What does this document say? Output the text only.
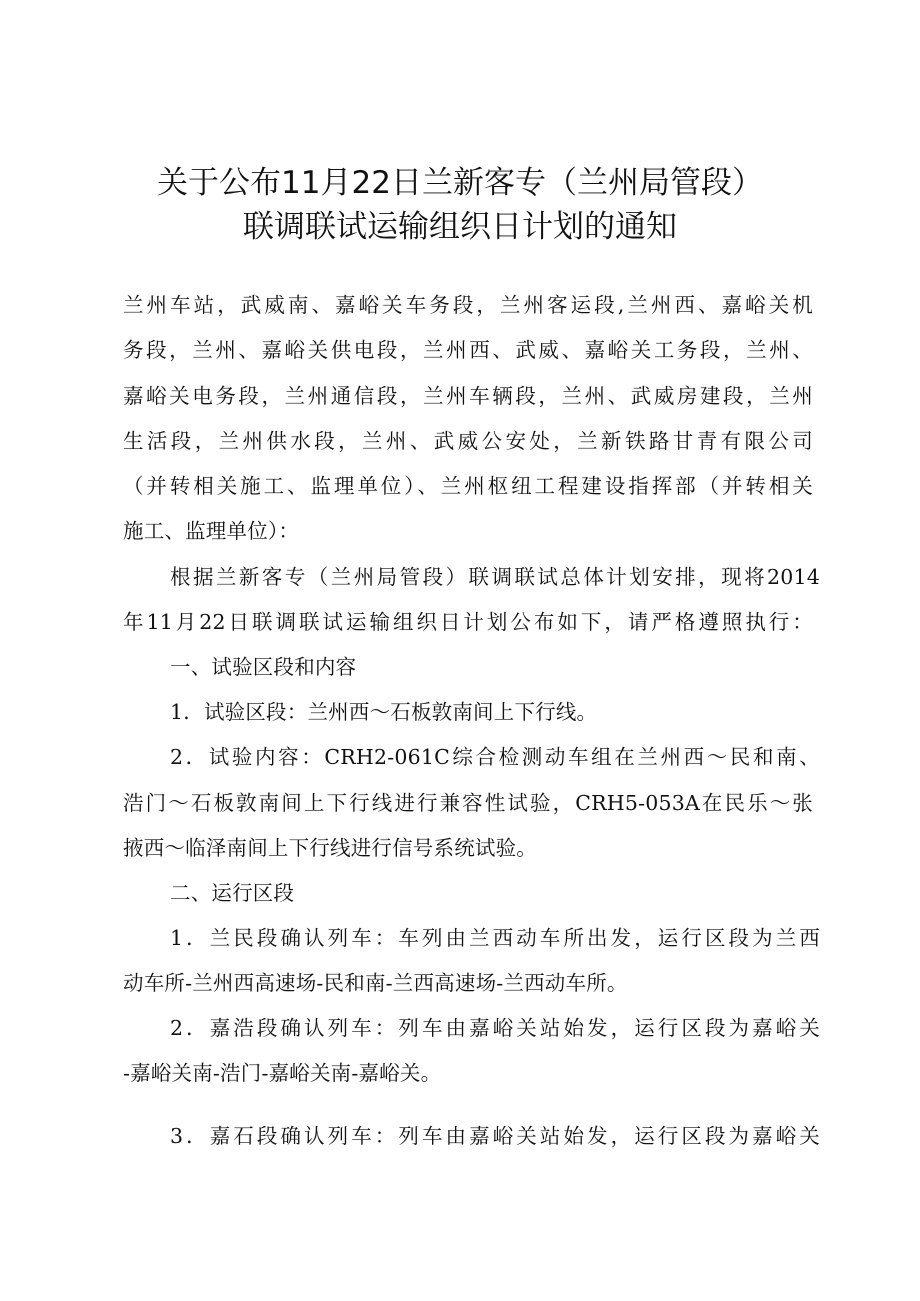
关于公布11月22日兰新客专（兰州局管段）
联调联试运输组织日计划的通知
兰州车站，武威南、嘉峪关车务段，兰州客运段,兰州西、嘉峪关机
务段，兰州、嘉峪关供电段，兰州西、武威、嘉峪关工务段，兰州、
嘉峪关电务段，兰州通信段，兰州车辆段，兰州、武威房建段，兰州
生活段，兰州供水段，兰州、武威公安处，兰新铁路甘青有限公司
（并转相关施工、监理单位）、兰州枢纽工程建设指挥部（并转相关
施工、监理单位）：
根据兰新客专（兰州局管段）联调联试总体计划安排，现将2014
年11月22日联调联试运输组织日计划公布如下，请严格遵照执行：
一、试验区段和内容
1．试验区段：兰州西～石板敦南间上下行线。
2．试验内容：CRH2-061C综合检测动车组在兰州西～民和南、
浩门～石板敦南间上下行线进行兼容性试验，CRH5-053A在民乐～张
掖西～临泽南间上下行线进行信号系统试验。
二、运行区段
1．兰民段确认列车：车列由兰西动车所出发，运行区段为兰西
动车所-兰州西高速场-民和南-兰西高速场-兰西动车所。
2．嘉浩段确认列车：列车由嘉峪关站始发，运行区段为嘉峪关
-嘉峪关南-浩门-嘉峪关南-嘉峪关。
3．嘉石段确认列车：列车由嘉峪关站始发，运行区段为嘉峪关
